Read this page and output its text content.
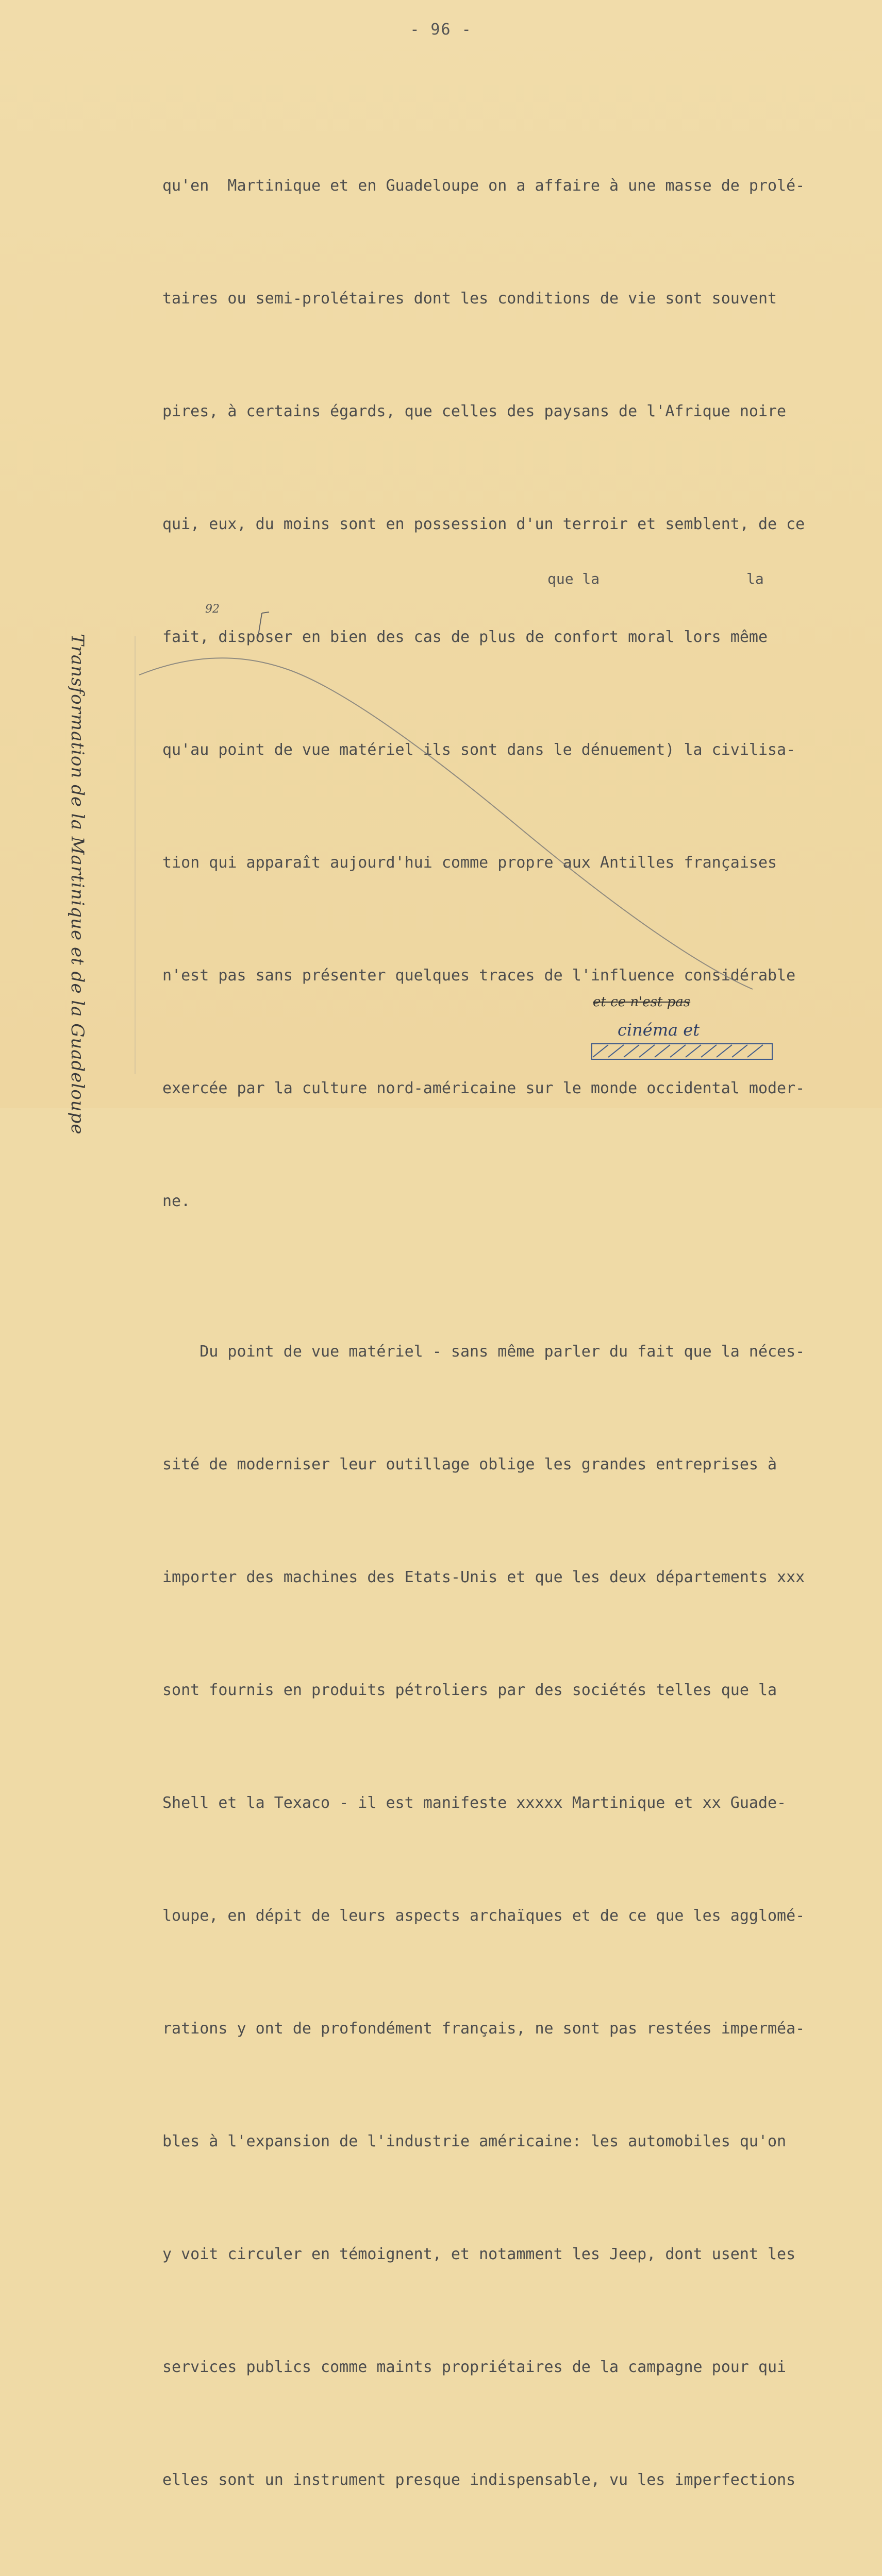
- 96 -

qu'en  Martinique et en Guadeloupe on a affaire à une masse de prolé-

taires ou semi-prolétaires dont les conditions de vie sont souvent

pires, à certains égards, que celles des paysans de l'Afrique noire

qui, eux, du moins sont en possession d'un terroir et semblent, de ce

fait, disposer en bien des cas de plus de confort moral lors même

qu'au point de vue matériel ils sont dans le dénuement) la civilisa-

tion qui apparaît aujourd'hui comme propre aux Antilles françaises

n'est pas sans présenter quelques traces de l'influence considérable

exercée par la culture nord-américaine sur le monde occidental moder-

ne.

Du point de vue matériel - sans même parler du fait que la néces-

sité de moderniser leur outillage oblige les grandes entreprises à

importer des machines des Etats-Unis et que les deux départements xxx

sont fournis en produits pétroliers par des sociétés telles que la

Shell et la Texaco - il est manifeste xxxxx Martinique et xx Guade-

loupe, en dépit de leurs aspects archaïques et de ce que les agglomé-

rations y ont de profondément français, ne sont pas restées imperméa-

bles à l'expansion de l'industrie américaine: les automobiles qu'on

y voit circuler en témoignent, et notamment les Jeep, dont usent les

services publics comme maints propriétaires de la campagne pour qui

elles sont un instrument presque indispensable, vu les imperfections

que la	la
92
cinéma et
et ce n'est pas
Transformation de la Martinique et de la Guadeloupe
